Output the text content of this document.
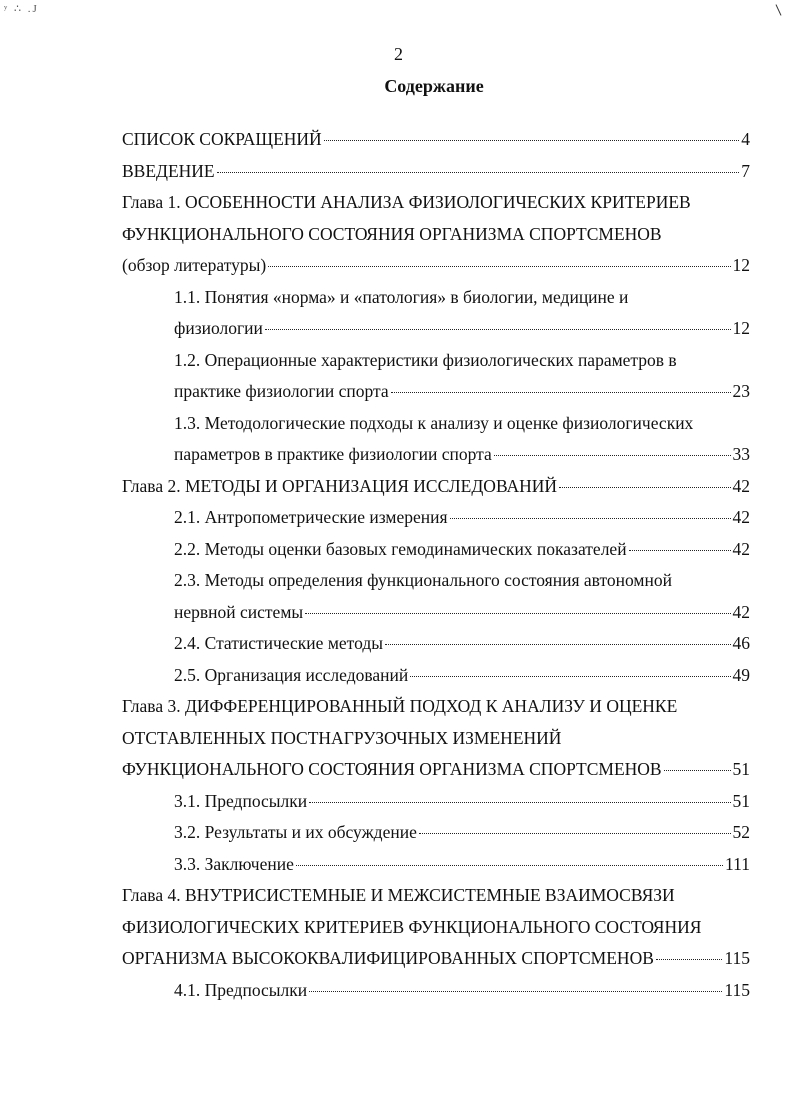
ʸ ∴ .J
2
Содержание
СПИСОК СОКРАЩЕНИЙ	4
ВВЕДЕНИЕ	7
Глава 1. ОСОБЕННОСТИ АНАЛИЗА ФИЗИОЛОГИЧЕСКИХ КРИТЕРИЕВ
ФУНКЦИОНАЛЬНОГО СОСТОЯНИЯ ОРГАНИЗМА СПОРТСМЕНОВ
(обзор литературы)	12
1.1. Понятия «норма» и «патология» в биологии, медицине и
физиологии	12
1.2. Операционные характеристики физиологических параметров в
практике физиологии спорта	23
1.3. Методологические подходы к анализу и оценке физиологических
параметров в практике физиологии спорта	33
Глава 2. МЕТОДЫ И ОРГАНИЗАЦИЯ ИССЛЕДОВАНИЙ	42
2.1. Антропометрические измерения	42
2.2. Методы оценки базовых гемодинамических показателей	42
2.3. Методы определения функционального состояния автономной
нервной системы	42
2.4. Статистические методы	46
2.5. Организация исследований	49
Глава 3. ДИФФЕРЕНЦИРОВАННЫЙ ПОДХОД К АНАЛИЗУ И ОЦЕНКЕ
ОТСТАВЛЕННЫХ ПОСТНАГРУЗОЧНЫХ ИЗМЕНЕНИЙ
ФУНКЦИОНАЛЬНОГО СОСТОЯНИЯ ОРГАНИЗМА СПОРТСМЕНОВ	51
3.1. Предпосылки	51
3.2. Результаты и их обсуждение	52
3.3. Заключение	111
Глава 4. ВНУТРИСИСТЕМНЫЕ И МЕЖСИСТЕМНЫЕ ВЗАИМОСВЯЗИ
ФИЗИОЛОГИЧЕСКИХ КРИТЕРИЕВ ФУНКЦИОНАЛЬНОГО СОСТОЯНИЯ
ОРГАНИЗМА ВЫСОКОКВАЛИФИЦИРОВАННЫХ СПОРТСМЕНОВ	115
4.1. Предпосылки	115
